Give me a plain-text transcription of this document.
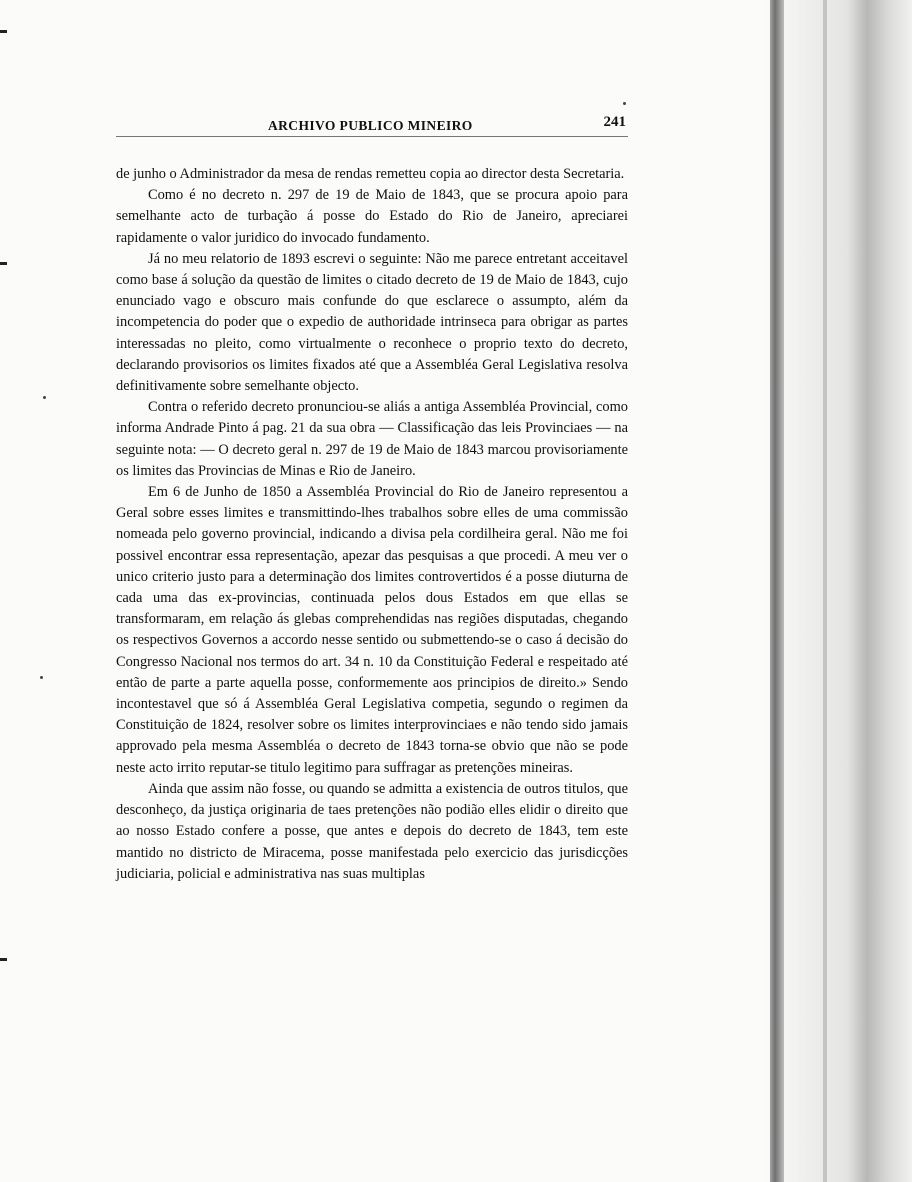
ARCHIVO PUBLICO MINEIRO	241

de junho o Administrador da mesa de rendas remetteu copia ao director desta Secretaria.

Como é no decreto n. 297 de 19 de Maio de 1843, que se procura apoio para semelhante acto de turbação á posse do Estado do Rio de Janeiro, apreciarei rapidamente o valor juridico do invocado fundamento.

Já no meu relatorio de 1893 escrevi o seguinte: Não me parece entretant acceitavel como base á solução da questão de limites o citado decreto de 19 de Maio de 1843, cujo enunciado vago e obscuro mais confunde do que esclarece o assumpto, além da incompetencia do poder que o expedio de authoridade intrinseca para obrigar as partes interessadas no pleito, como virtualmente o reconhece o proprio texto do decreto, declarando provisorios os limites fixados até que a Assembléa Geral Legislativa resolva definitivamente sobre semelhante objecto.

Contra o referido decreto pronunciou-se aliás a antiga Assembléa Provincial, como informa Andrade Pinto á pag. 21 da sua obra — Classificação das leis Provinciaes — na seguinte nota: — O decreto geral n. 297 de 19 de Maio de 1843 marcou provisoriamente os limites das Provincias de Minas e Rio de Janeiro.

Em 6 de Junho de 1850 a Assembléa Provincial do Rio de Janeiro representou a Geral sobre esses limites e transmittindo-lhes trabalhos sobre elles de uma commissão nomeada pelo governo provincial, indicando a divisa pela cordilheira geral. Não me foi possivel encontrar essa representação, apezar das pesquisas a que procedi. A meu ver o unico criterio justo para a determinação dos limites controvertidos é a posse diuturna de cada uma das ex-provincias, continuada pelos dous Estados em que ellas se transformaram, em relação ás glebas comprehendidas nas regiões disputadas, chegando os respectivos Governos a accordo nesse sentido ou submettendo-se o caso á decisão do Congresso Nacional nos termos do art. 34 n. 10 da Constituição Federal e respeitado até então de parte a parte aquella posse, conformemente aos principios de direito.» Sendo incontestavel que só á Assembléa Geral Legislativa competia, segundo o regimen da Constituição de 1824, resolver sobre os limites interprovinciaes e não tendo sido jamais approvado pela mesma Assembléa o decreto de 1843 torna-se obvio que não se pode neste acto irrito reputar-se titulo legitimo para suffragar as pretenções mineiras.

Ainda que assim não fosse, ou quando se admitta a existencia de outros titulos, que desconheço, da justiça originaria de taes pretenções não podião elles elidir o direito que ao nosso Estado confere a posse, que antes e depois do decreto de 1843, tem este mantido no districto de Miracema, posse manifestada pelo exercicio das jurisdicções judiciaria, policial e administrativa nas suas multiplas
